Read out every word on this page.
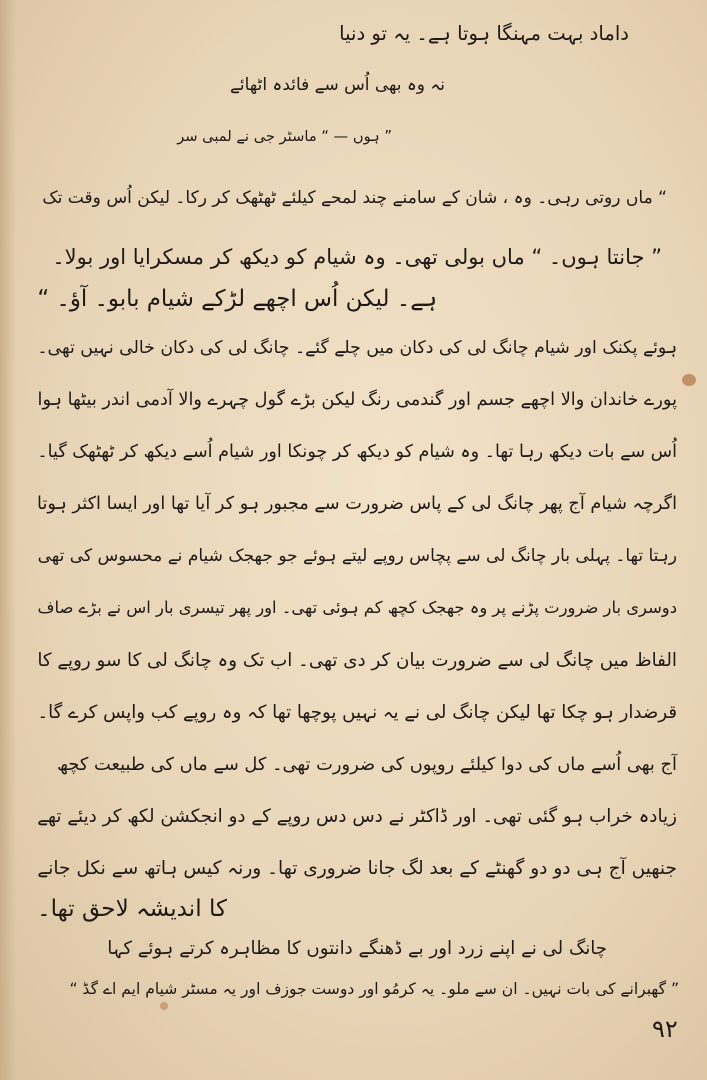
داماد بہت مہنگا ہوتا ہے۔ یہ تو دنیا
نہ وہ بھی اُس سے فائدہ اٹھائے
” ہوں — “ ماسٹر جی نے لمبی سر
“ ماں روتی رہی۔ وہ ، شان کے سامنے چند لمحے کیلئے ٹھٹھک کر رکا۔ لیکن اُس وقت تک
” جانتا ہوں۔ “ ماں بولی تھی۔ وہ شیام کو دیکھ کر مسکرایا اور بولا۔
ہے۔ لیکن اُس اچھے لڑکے شیام بابو۔ آؤ۔ “
ہوئے پکنک اور شیام چانگ لی کی دکان میں چلے گئے۔ چانگ لی کی دکان خالی نہیں تھی۔
پورے خاندان والا اچھے جسم اور گندمی رنگ لیکن بڑے گول چہرے والا آدمی اندر بیٹھا ہوا
اُس سے بات دیکھ رہا تھا۔ وہ شیام کو دیکھ کر چونکا اور شیام اُسے دیکھ کر ٹھٹھک گیا۔
اگرچہ شیام آج پھر چانگ لی کے پاس ضرورت سے مجبور ہو کر آیا تھا اور ایسا اکثر ہوتا
رہتا تھا۔ پہلی بار چانگ لی سے پچاس روپے لیتے ہوئے جو جھجک شیام نے محسوس کی تھی
دوسری بار ضرورت پڑنے پر وہ جھجک کچھ کم ہوئی تھی۔ اور پھر تیسری بار اس نے بڑے صاف
الفاظ میں چانگ لی سے ضرورت بیان کر دی تھی۔ اب تک وہ چانگ لی کا سو روپے کا
قرضدار ہو چکا تھا لیکن چانگ لی نے یہ نہیں پوچھا تھا کہ وہ روپے کب واپس کرے گا۔
آج بھی اُسے ماں کی دوا کیلئے روپوں کی ضرورت تھی۔ کل سے ماں کی طبیعت کچھ
زیادہ خراب ہو گئی تھی۔ اور ڈاکٹر نے دس دس روپے کے دو انجکشن لکھ کر دیئے تھے
جنھیں آج ہی دو دو گھنٹے کے بعد لگ جانا ضروری تھا۔ ورنہ کیس ہاتھ سے نکل جانے
کا اندیشہ لاحق تھا۔
چانگ لی نے اپنے زرد اور بے ڈھنگے دانتوں کا مظاہرہ کرتے ہوئے کہا
” گھبرانے کی بات نہیں۔ ان سے ملو۔ یہ کرمُو اور دوست جوزف اور یہ مسٹر شیام ایم اے گڈ “
۹۲
